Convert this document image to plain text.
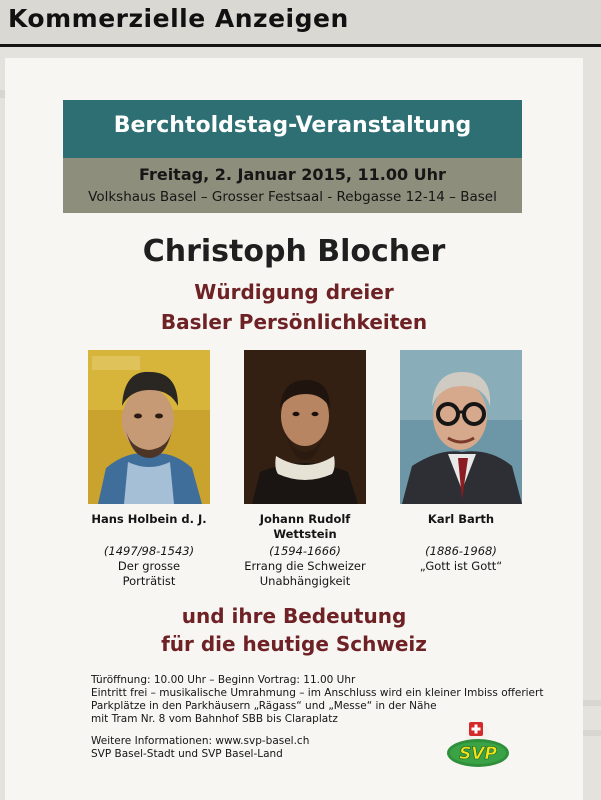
Kommerzielle Anzeigen
Berchtoldstag-Veranstaltung
Freitag, 2. Januar 2015, 11.00 Uhr
Volkshaus Basel – Grosser Festsaal - Rebgasse 12-14 – Basel
Christoph Blocher
Würdigung dreier
Basler Persönlichkeiten
Hans Holbein d. J.
(1497/98-1543)
Der grosse
Porträtist
Johann Rudolf
Wettstein
(1594-1666)
Errang die Schweizer
Unabhängigkeit
Karl Barth
(1886-1968)
„Gott ist Gott“
und ihre Bedeutung
für die heutige Schweiz
Türöffnung: 10.00 Uhr – Beginn Vortrag: 11.00 Uhr
Eintritt frei – musikalische Umrahmung – im Anschluss wird ein kleiner Imbiss offeriert
Parkplätze in den Parkhäusern „Rägass“ und „Messe“ in der Nähe
mit Tram Nr. 8 vom Bahnhof SBB bis Claraplatz
Weitere Informationen: www.svp-basel.ch
SVP Basel-Stadt und SVP Basel-Land	SVP
